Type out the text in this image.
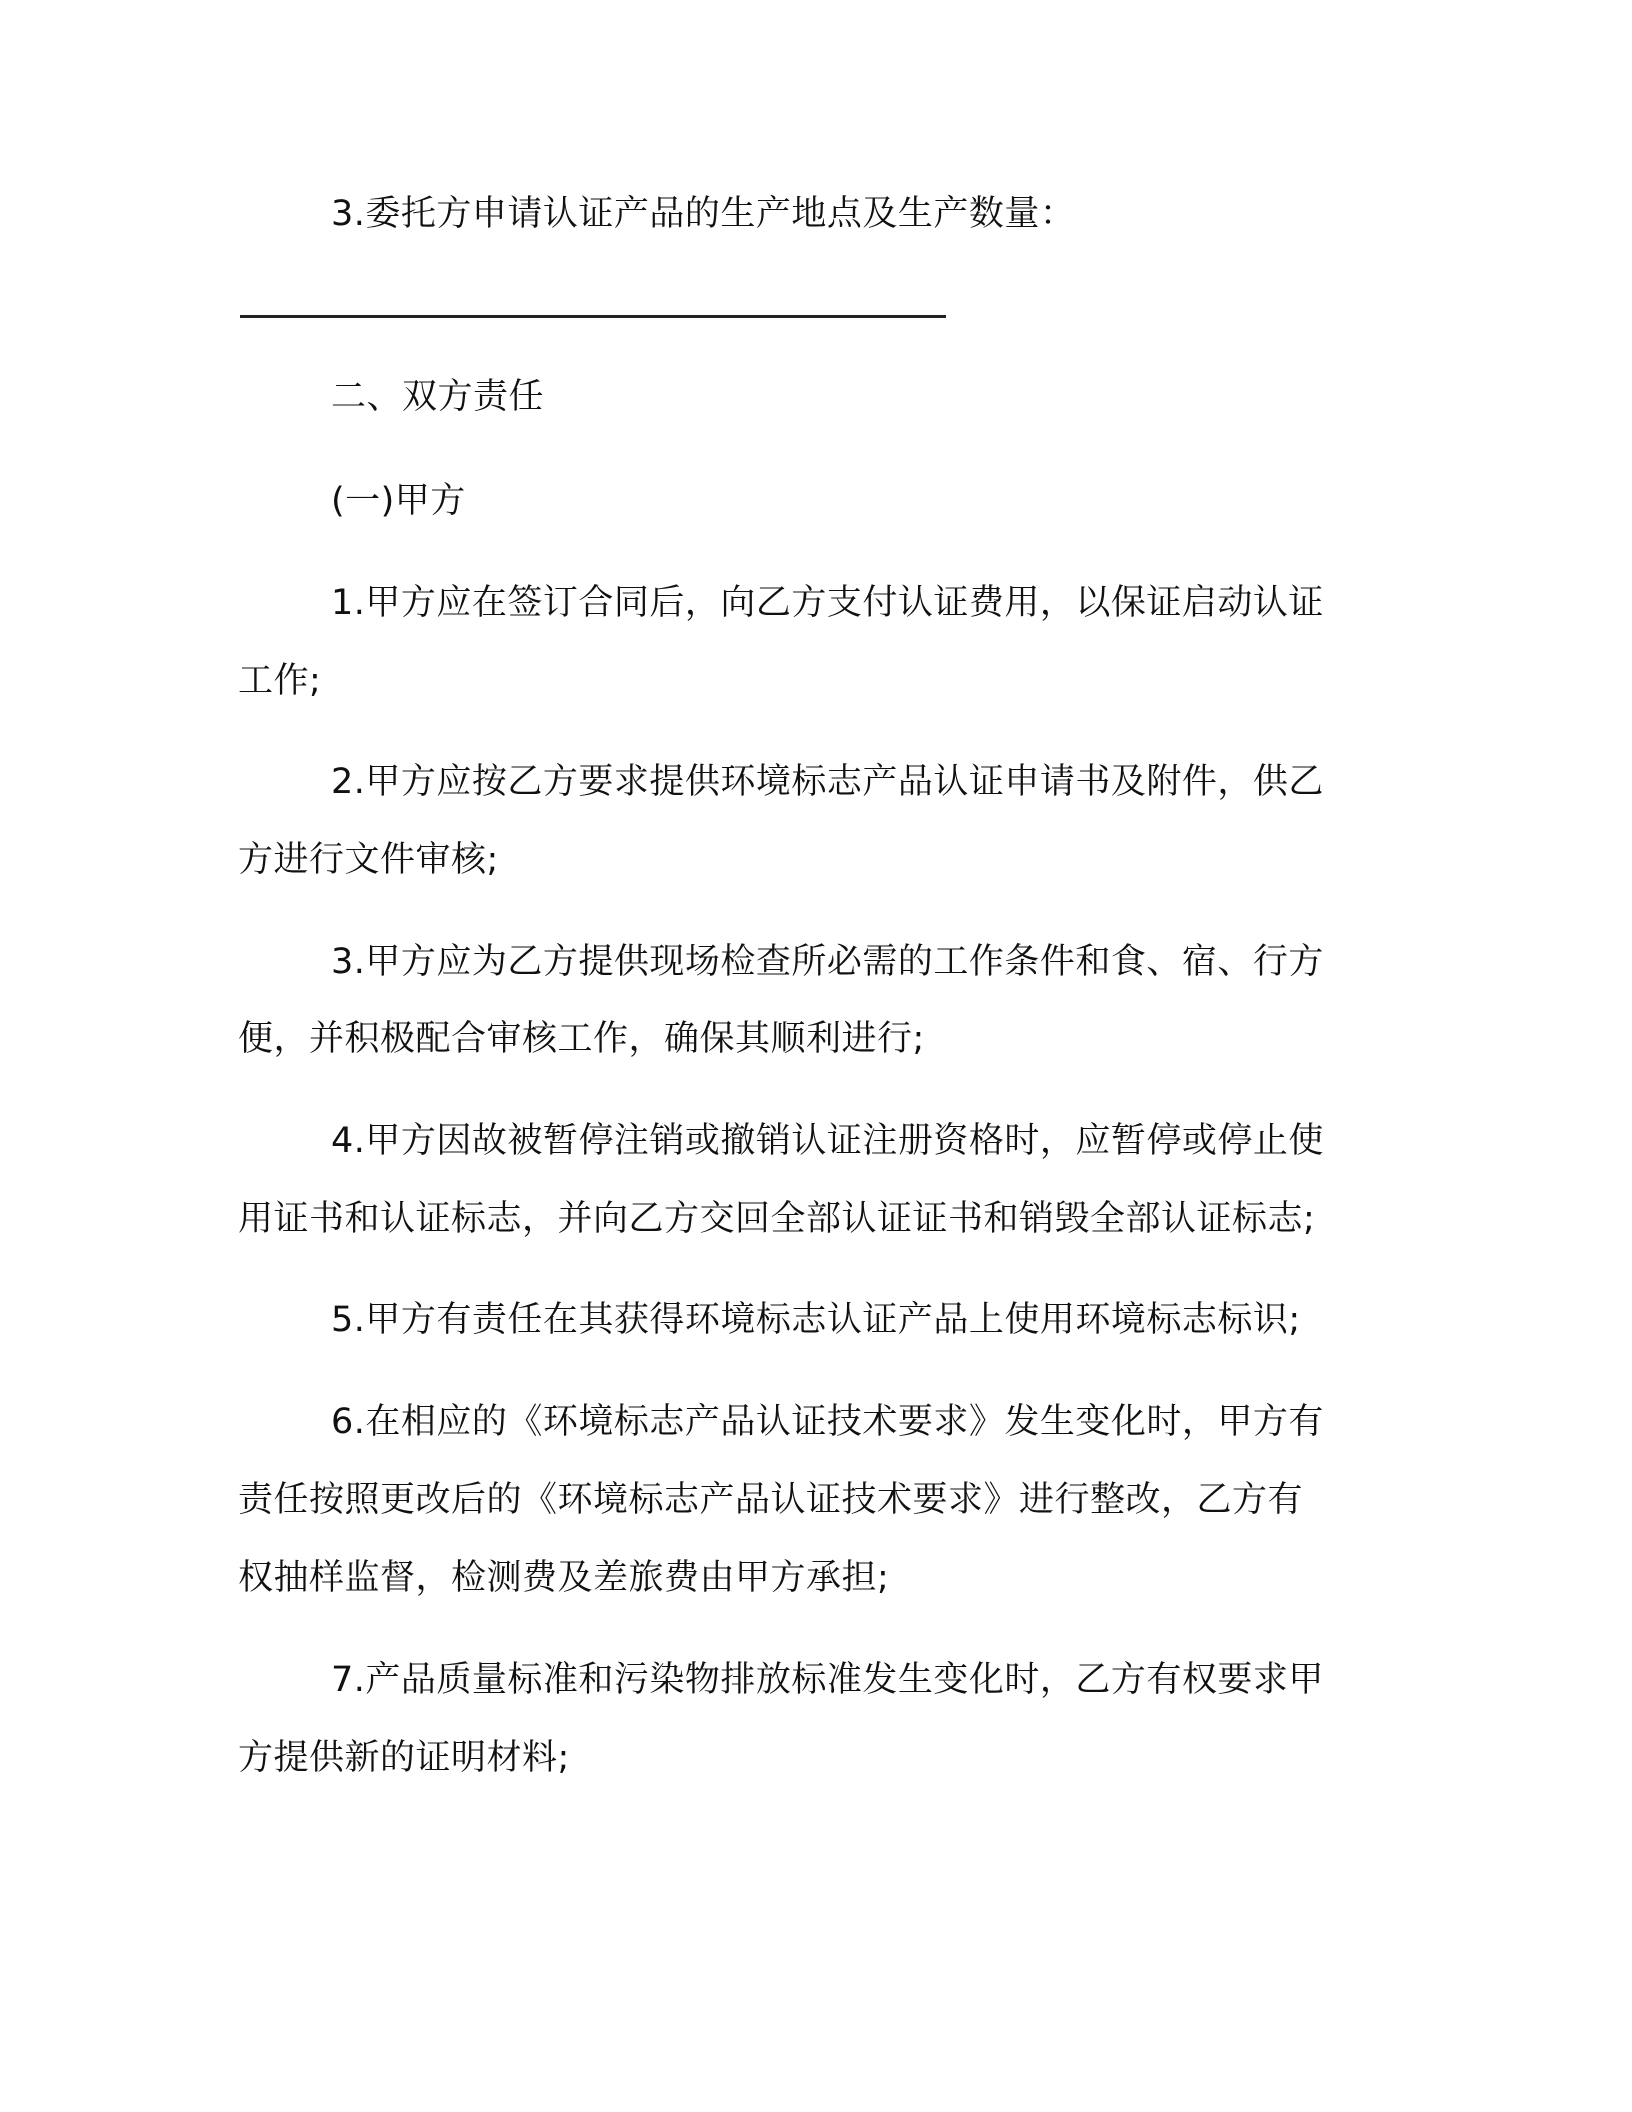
3.委托方申请认证产品的生产地点及生产数量：
二、双方责任
(一)甲方
1.甲方应在签订合同后，向乙方支付认证费用，以保证启动认证
工作;
2.甲方应按乙方要求提供环境标志产品认证申请书及附件，供乙
方进行文件审核;
3.甲方应为乙方提供现场检查所必需的工作条件和食、宿、行方
便，并积极配合审核工作，确保其顺利进行;
4.甲方因故被暂停注销或撤销认证注册资格时，应暂停或停止使
用证书和认证标志，并向乙方交回全部认证证书和销毁全部认证标志;
5.甲方有责任在其获得环境标志认证产品上使用环境标志标识;
6.在相应的《环境标志产品认证技术要求》发生变化时，甲方有
责任按照更改后的《环境标志产品认证技术要求》进行整改，乙方有
权抽样监督，检测费及差旅费由甲方承担;
7.产品质量标准和污染物排放标准发生变化时，乙方有权要求甲
方提供新的证明材料;
